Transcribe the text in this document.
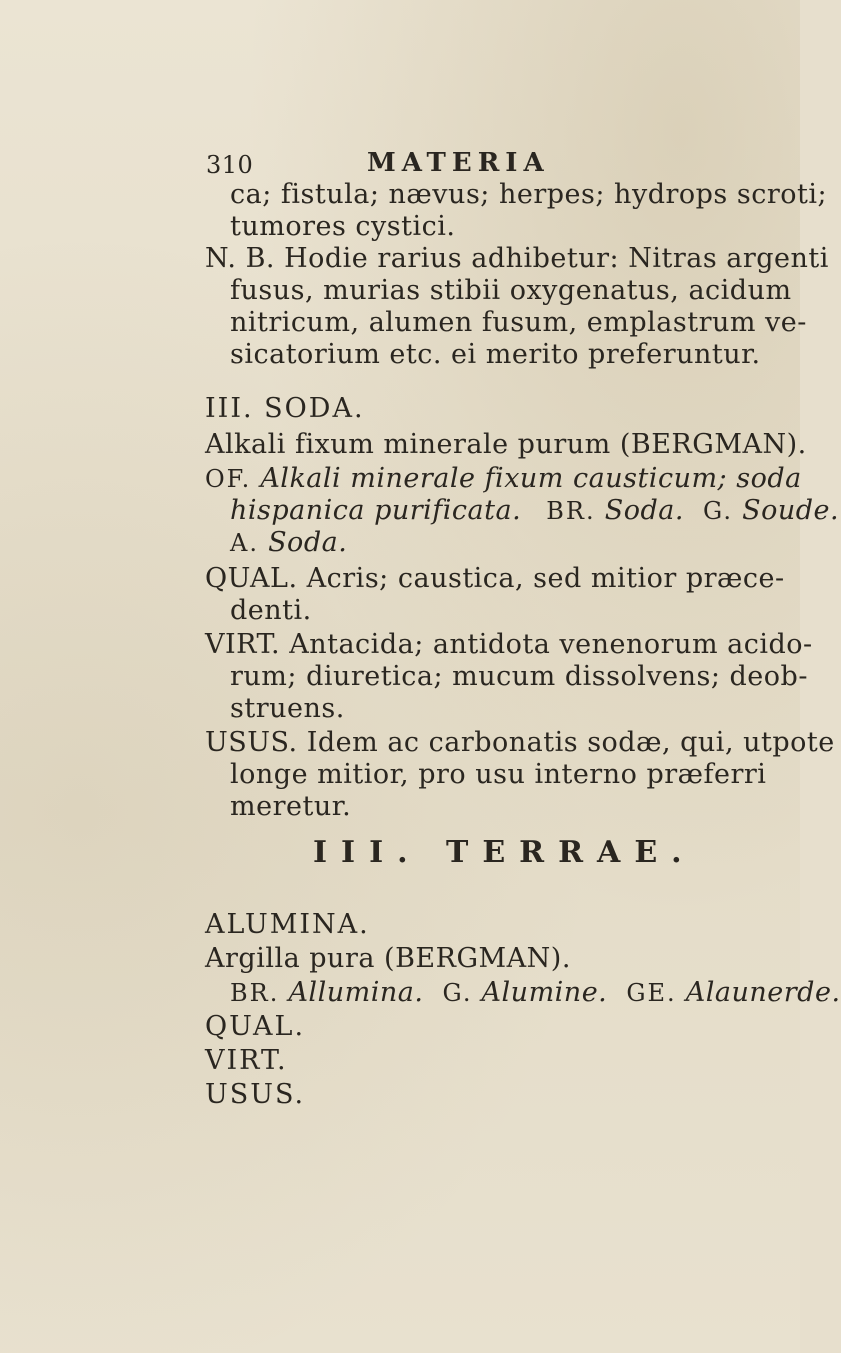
310	MATERIA
ca; fistula; nævus; herpes; hydrops scroti;
tumores cystici.
N. B. Hodie rarius adhibetur: Nitras argenti
fusus, murias stibii oxygenatus, acidum
nitricum, alumen fusum, emplastrum ve-
sicatorium etc. ei merito preferuntur.
III. SODA.
Alkali fixum minerale purum (BERGMAN).
OF. Alkali minerale fixum causticum; soda
hispanica purificata. BR. Soda. G. Soude.
A. Soda.
QUAL. Acris; caustica, sed mitior præce-
denti.
VIRT. Antacida; antidota venenorum acido-
rum; diuretica; mucum dissolvens; deob-
struens.
USUS. Idem ac carbonatis sodæ, qui, utpote
longe mitior, pro usu interno præferri
meretur.
III. TERRAE.
ALUMINA.
Argilla pura (BERGMAN).
BR. Allumina. G. Alumine. GE. Alaunerde.
QUAL.
VIRT.
USUS.
